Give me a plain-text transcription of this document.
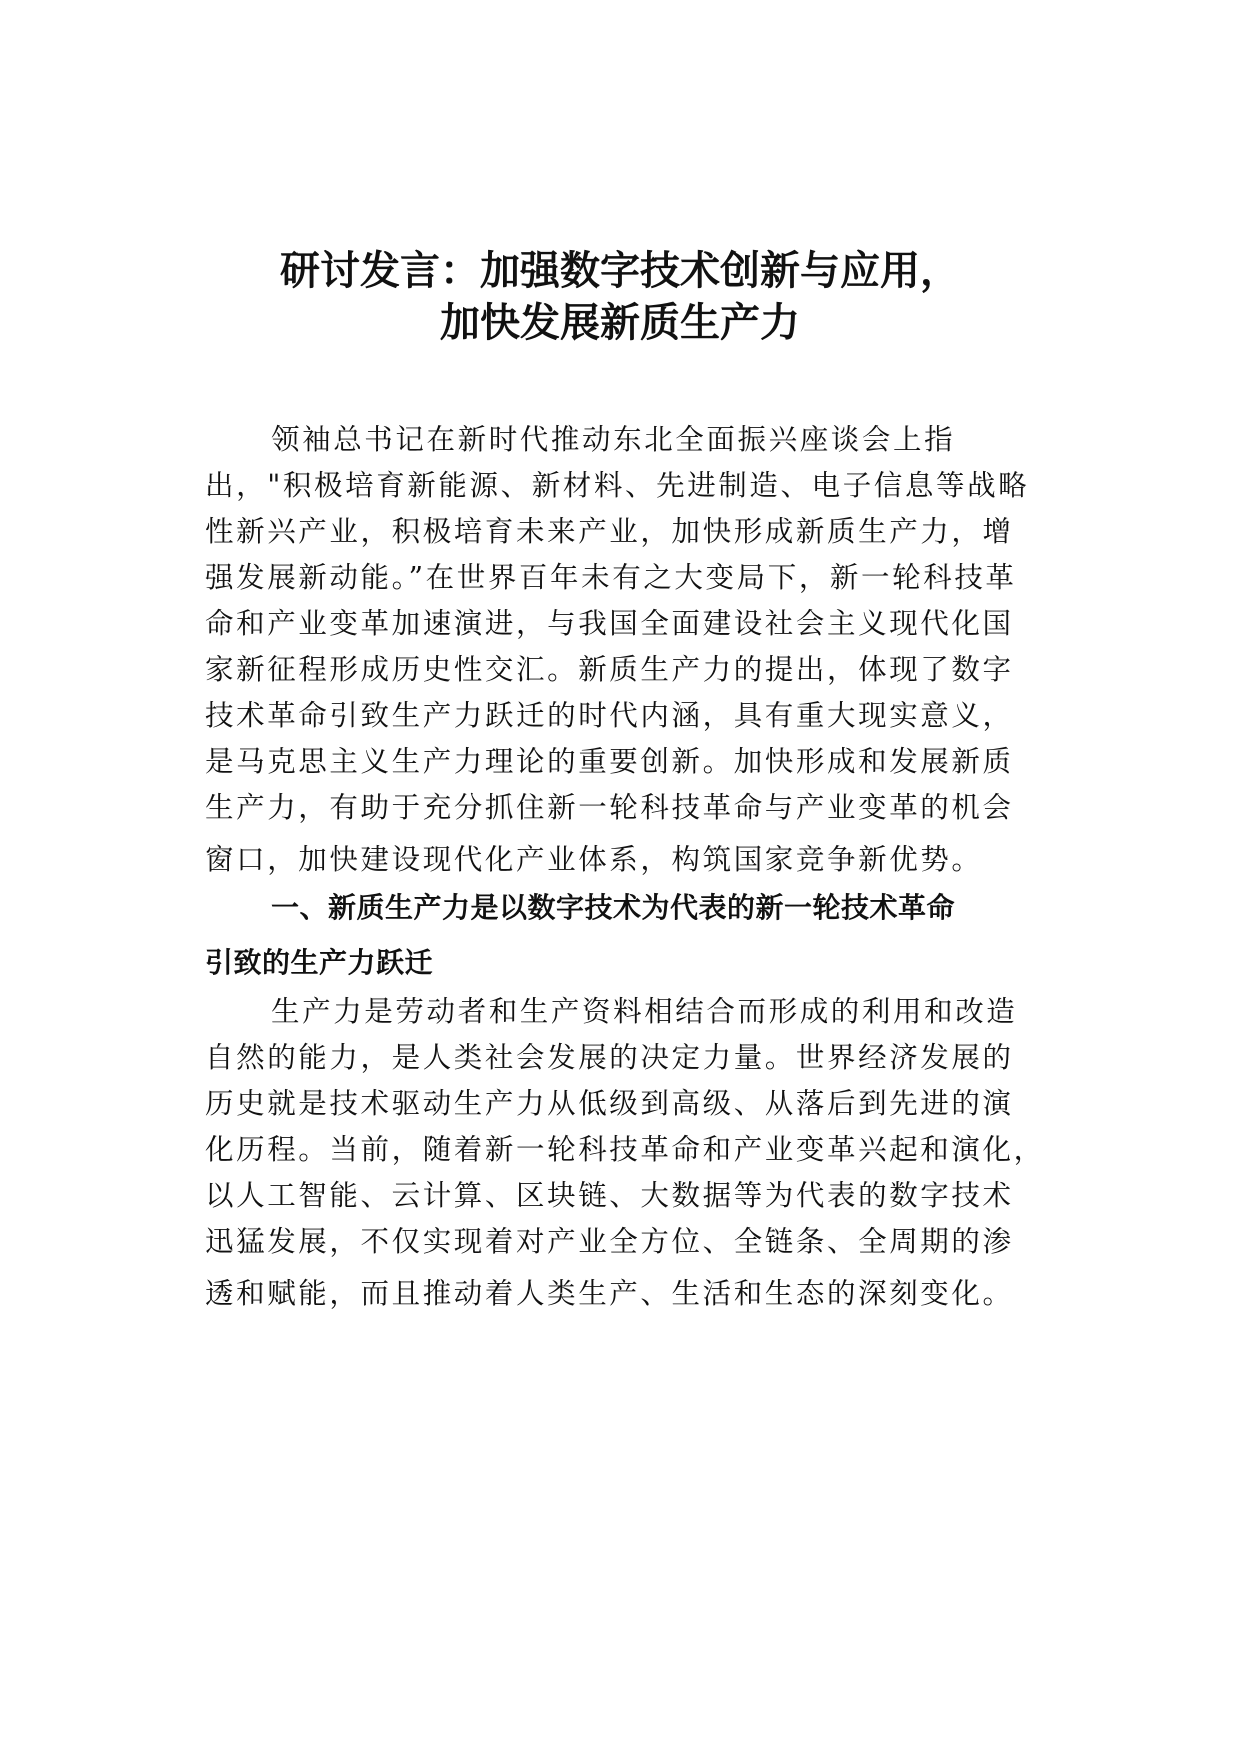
研讨发言：加强数字技术创新与应用，
加快发展新质生产力
领袖总书记在新时代推动东北全面振兴座谈会上指
出，"积极培育新能源、新材料、先进制造、电子信息等战略
性新兴产业，积极培育未来产业，加快形成新质生产力，增
强发展新动能。”在世界百年未有之大变局下，新一轮科技革
命和产业变革加速演进，与我国全面建设社会主义现代化国
家新征程形成历史性交汇。新质生产力的提出，体现了数字
技术革命引致生产力跃迁的时代内涵，具有重大现实意义，
是马克思主义生产力理论的重要创新。加快形成和发展新质
生产力，有助于充分抓住新一轮科技革命与产业变革的机会
窗口，加快建设现代化产业体系，构筑国家竞争新优势。
一、新质生产力是以数字技术为代表的新一轮技术革命
引致的生产力跃迁
生产力是劳动者和生产资料相结合而形成的利用和改造
自然的能力，是人类社会发展的决定力量。世界经济发展的
历史就是技术驱动生产力从低级到高级、从落后到先进的演
化历程。当前，随着新一轮科技革命和产业变革兴起和演化，
以人工智能、云计算、区块链、大数据等为代表的数字技术
迅猛发展，不仅实现着对产业全方位、全链条、全周期的渗
透和赋能，而且推动着人类生产、生活和生态的深刻变化。
